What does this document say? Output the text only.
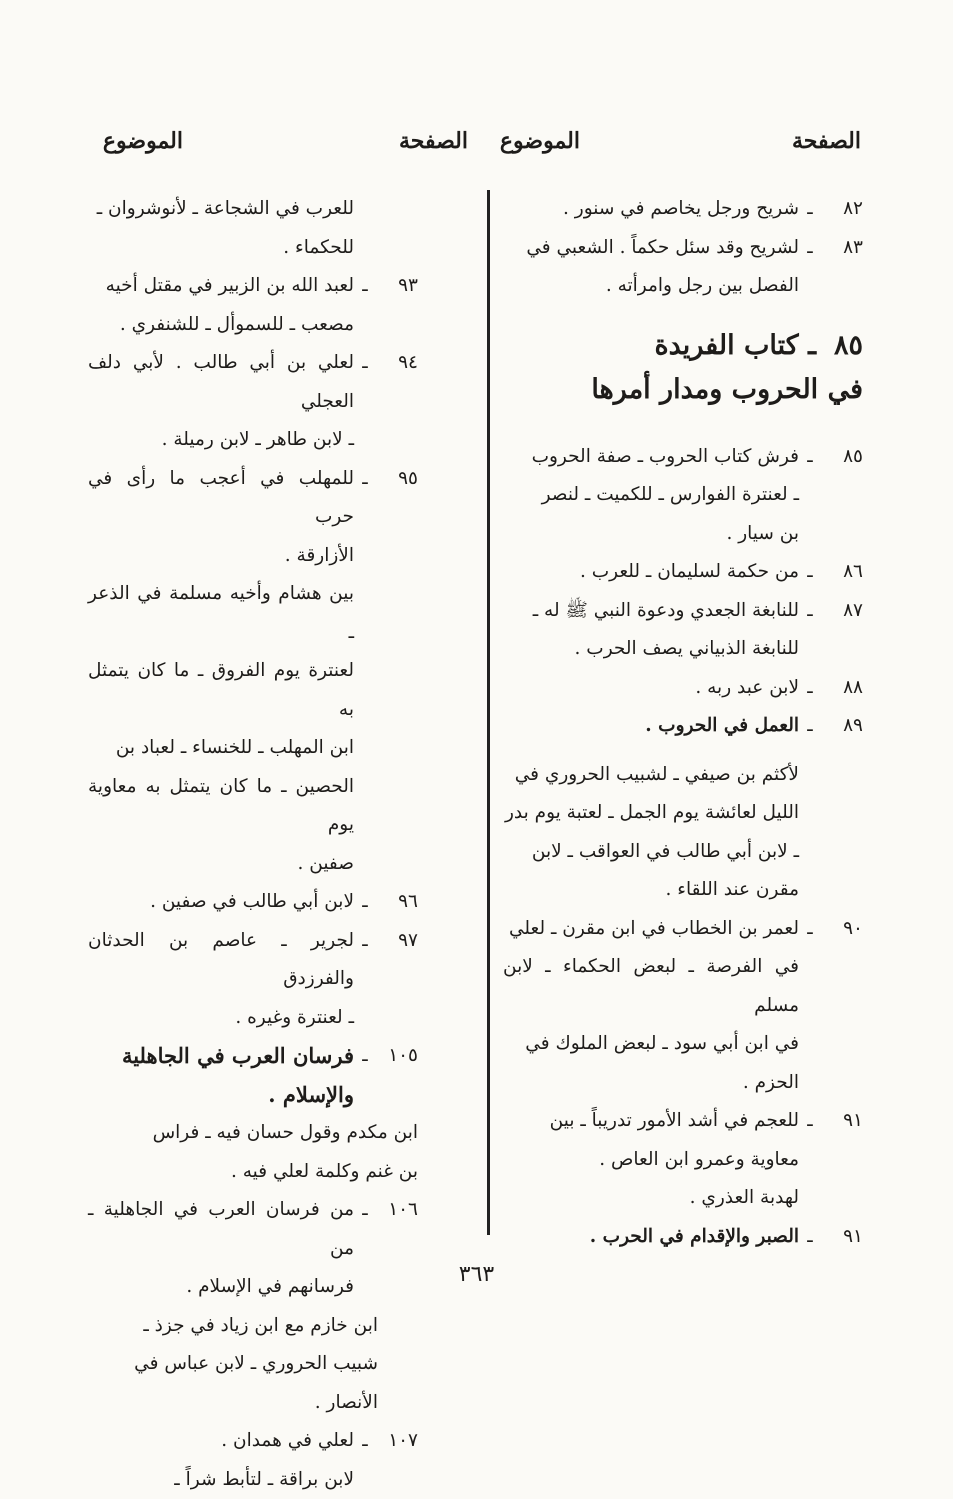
الصفحة
الموضوع
الصفحة
الموضوع
٨٢
ـ
شريح ورجل يخاصم في سنور .
٨٣
ـ
لشريح وقد سئل حكماً . الشعبي في
الفصل بين رجل وامرأته .
٨٥ـ كتاب الفريدة
في الحروب ومدار أمرها
٨٥
ـ
فرش كتاب الحروب ـ صفة الحروب
ـ لعنترة الفوارس ـ للكميت ـ لنصر
بن سيار .
٨٦
ـ
من حكمة لسليمان ـ للعرب .
٨٧
ـ
للنابغة الجعدي ودعوة النبي ﷺ له ـ
للنابغة الذبياني يصف الحرب .
٨٨
ـ
لابن عبد ربه .
٨٩
ـ
العمل في الحروب .
لأكثم بن صيفي ـ لشبيب الحروري في
الليل لعائشة يوم الجمل ـ لعتبة يوم بدر
ـ لابن أبي طالب في العواقب ـ لابن
مقرن عند اللقاء .
٩٠
ـ
لعمر بن الخطاب في ابن مقرن ـ لعلي
في الفرصة ـ لبعض الحكماء ـ لابن مسلم
في ابن أبي سود ـ لبعض الملوك في
الحزم .
٩١
ـ
للعجم في أشد الأمور تدريباً ـ بين
معاوية وعمرو ابن العاص .
لهدبة العذري .
٩١
ـ
الصبر والإقدام في الحرب .
للعرب في الشجاعة ـ لأنوشروان ـ
للحكماء .
٩٣
ـ
لعبد الله بن الزبير في مقتل أخيه
مصعب ـ للسموأل ـ للشنفري .
٩٤
ـ
لعلي بن أبي طالب . لأبي دلف العجلي
ـ لابن طاهر ـ لابن رميلة .
٩٥
ـ
للمهلب في أعجب ما رأى في حرب
الأزارقة .
بين هشام وأخيه مسلمة في الذعر ـ
لعنترة يوم الفروق ـ ما كان يتمثل به
ابن المهلب ـ للخنساء ـ لعباد بن
الحصين ـ ما كان يتمثل به معاوية يوم
صفين .
٩٦
ـ
لابن أبي طالب في صفين .
٩٧
ـ
لجرير ـ عاصم بن الحدثان والفرزدق
ـ لعنترة وغيره .
١٠٥
ـ
فرسان العرب في الجاهلية
والإسلام .
ابن مكدم وقول حسان فيه ـ فراس
بن غنم وكلمة لعلي فيه .
١٠٦
ـ
من فرسان العرب في الجاهلية ـ من
فرسانهم في الإسلام .
ابن خازم مع ابن زياد في جزذ ـ
شبيب الحروري ـ لابن عباس في
الأنصار .
١٠٧
ـ
لعلي في همدان .
لابن براقة ـ لتأبط شراً ـ
٣٦٣
